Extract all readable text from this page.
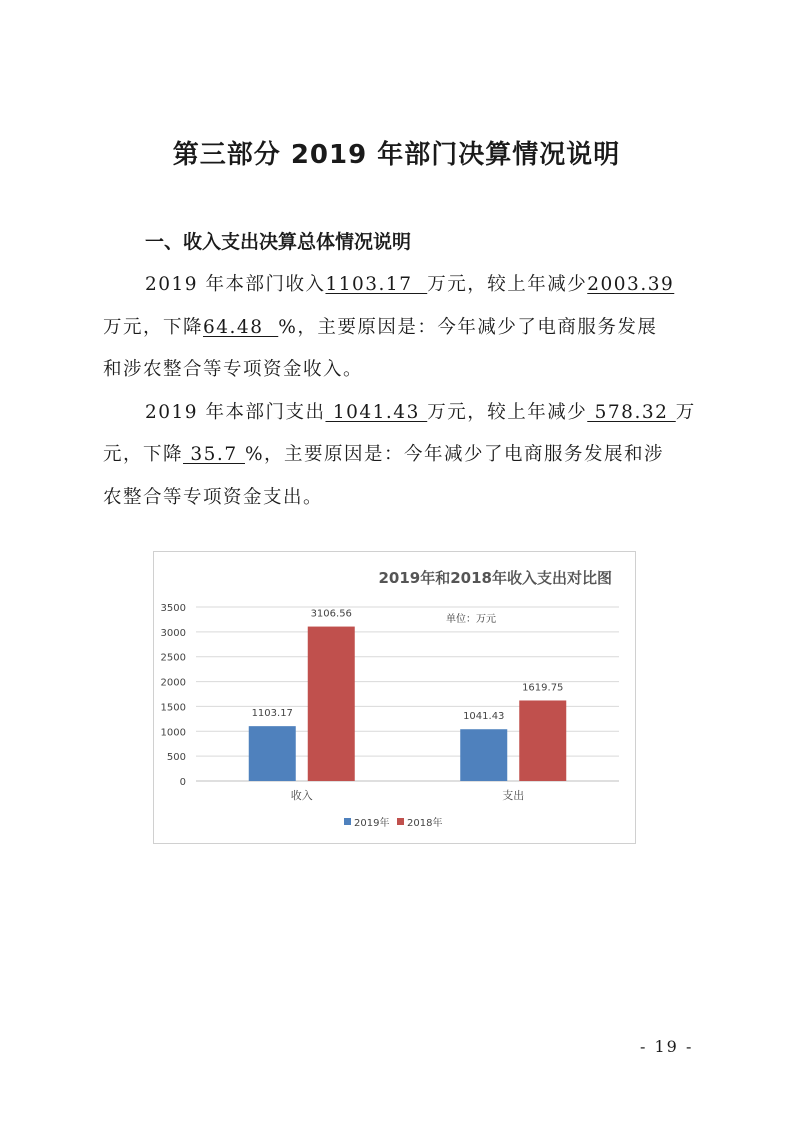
第三部分 2019 年部门决算情况说明
一、收入支出决算总体情况说明
2019 年本部门收入1103.17  万元，较上年减少2003.39
万元，下降64.48  %，主要原因是：今年减少了电商服务发展
和涉农整合等专项资金收入。
2019 年本部门支出 1041.43 万元，较上年减少 578.32 万
元，下降 35.7 %，主要原因是：今年减少了电商服务发展和涉
农整合等专项资金支出。
2019年和2018年收入支出对比图
单位：万元
0
500
1000
1500
2000
2500
3000
3500
1103.17
3106.56
1041.43
1619.75
收入	支出
2019年 2018年
- 19 -
